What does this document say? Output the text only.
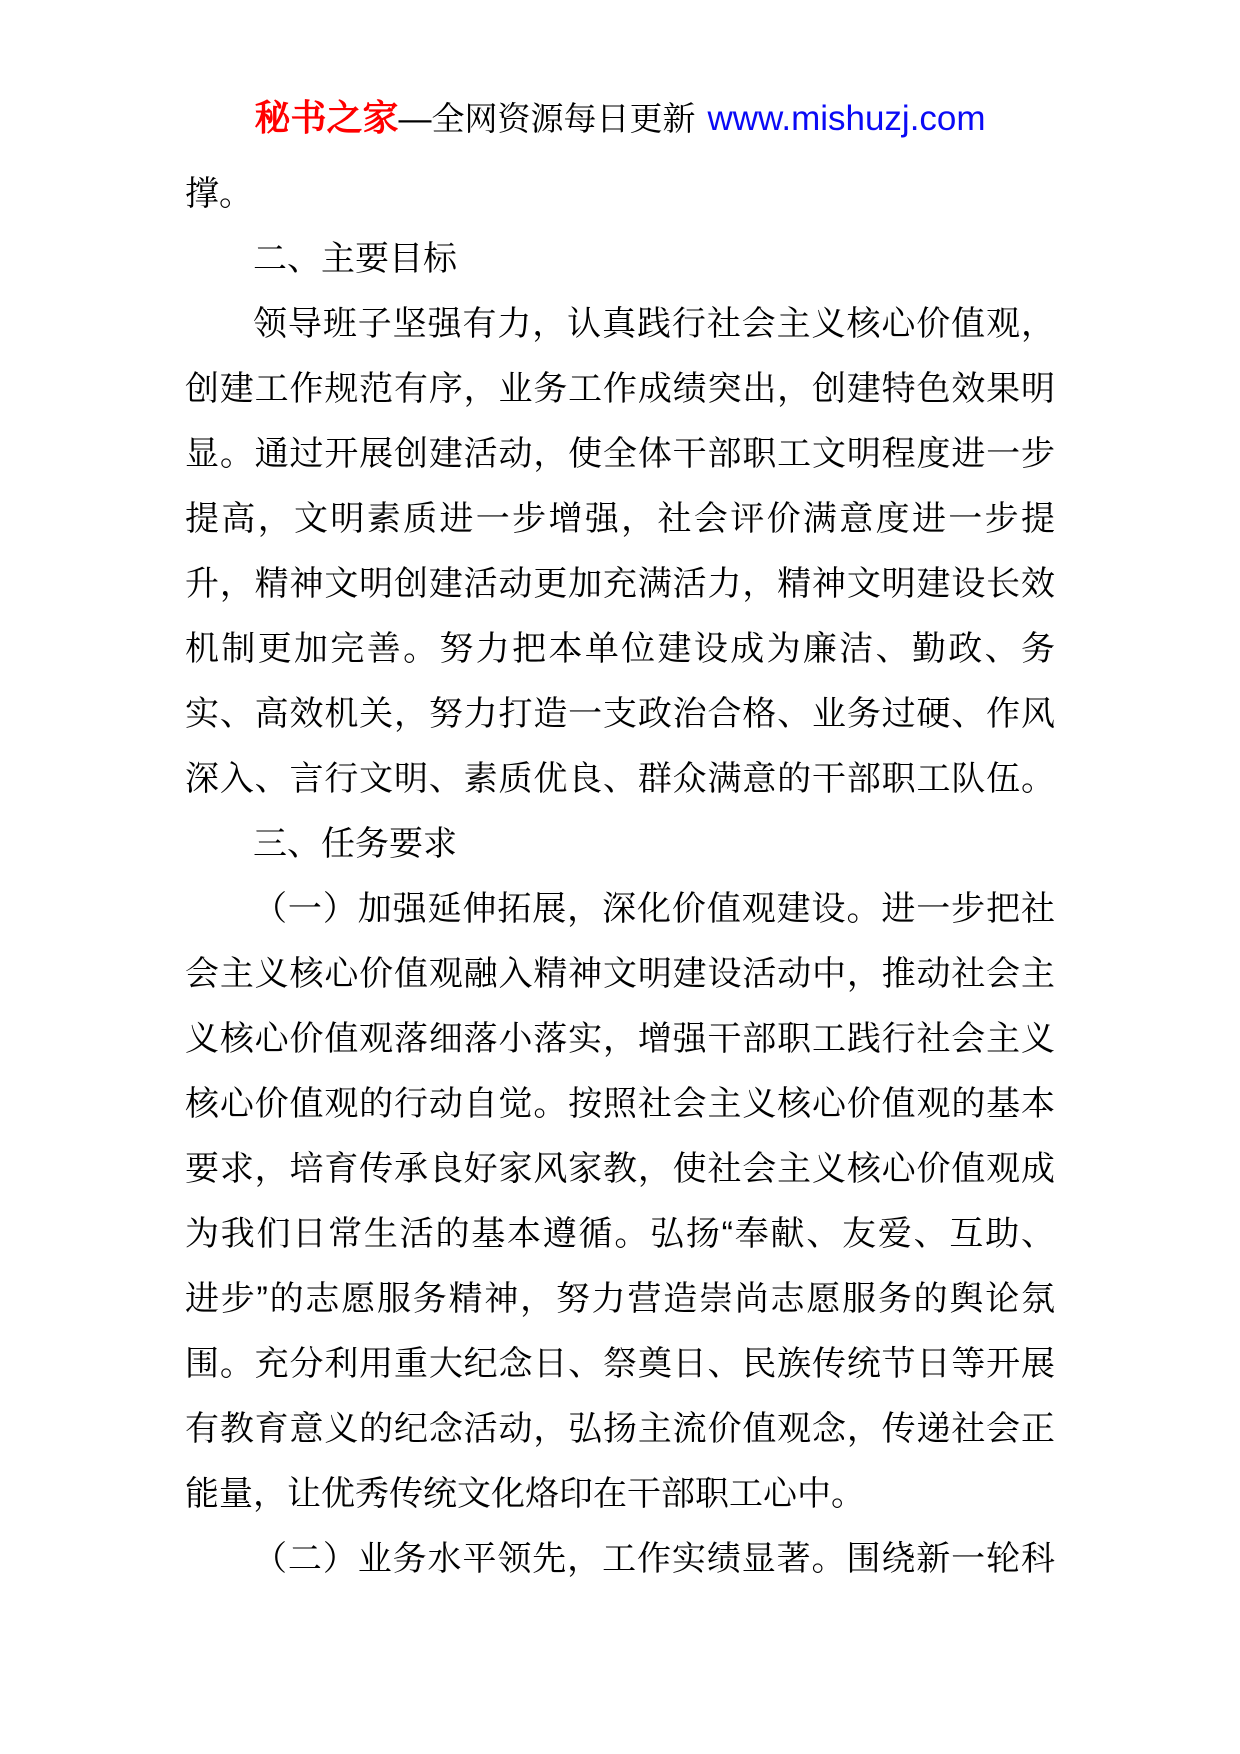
秘书之家—全网资源每日更新 www.mishuzj.com
撑。
二、主要目标
领导班子坚强有力，认真践行社会主义核心价值观，
创建工作规范有序，业务工作成绩突出，创建特色效果明
显。通过开展创建活动，使全体干部职工文明程度进一步
提高，文明素质进一步增强，社会评价满意度进一步提
升，精神文明创建活动更加充满活力，精神文明建设长效
机制更加完善。努力把本单位建设成为廉洁、勤政、务
实、高效机关，努力打造一支政治合格、业务过硬、作风
深入、言行文明、素质优良、群众满意的干部职工队伍。
三、任务要求
（一）加强延伸拓展，深化价值观建设。进一步把社
会主义核心价值观融入精神文明建设活动中，推动社会主
义核心价值观落细落小落实，增强干部职工践行社会主义
核心价值观的行动自觉。按照社会主义核心价值观的基本
要求，培育传承良好家风家教，使社会主义核心价值观成
为我们日常生活的基本遵循。弘扬“奉献、友爱、互助、
进步”的志愿服务精神，努力营造崇尚志愿服务的舆论氛
围。充分利用重大纪念日、祭奠日、民族传统节日等开展
有教育意义的纪念活动，弘扬主流价值观念，传递社会正
能量，让优秀传统文化烙印在干部职工心中。
（二）业务水平领先，工作实绩显著。围绕新一轮科
